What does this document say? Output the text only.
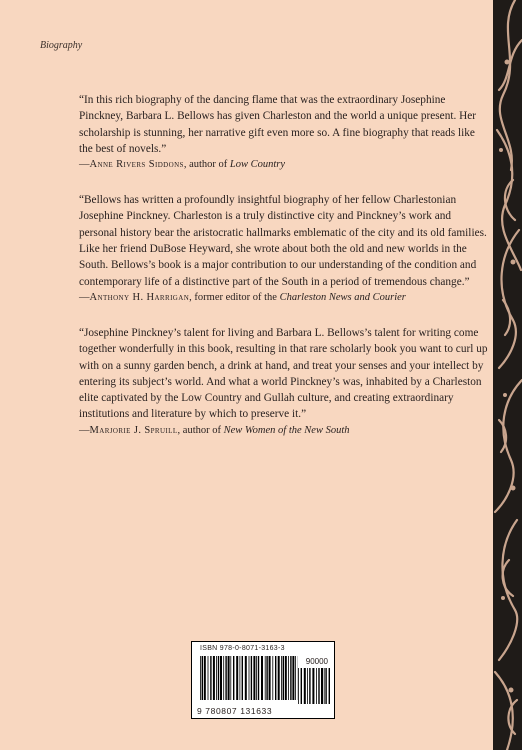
Biography

“In this rich biography of the dancing flame that was the extraordinary Josephine Pinckney, Barbara L. Bellows has given Charleston and the world a unique present. Her scholarship is stunning, her narrative gift even more so. A fine biography that reads like the best of novels.”

—Anne Rivers Siddons, author of Low Country

“Bellows has written a profoundly insightful biography of her fellow Charlestonian Josephine Pinckney. Charleston is a truly distinctive city and Pinckney’s work and personal history bear the aristocratic hallmarks emblematic of the city and its old families. Like her friend DuBose Heyward, she wrote about both the old and new worlds in the South. Bellows’s book is a major contribution to our understanding of the condition and contemporary life of a distinctive part of the South in a period of tremendous change.”

—Anthony H. Harrigan, former editor of the Charleston News and Courier

“Josephine Pinckney’s talent for living and Barbara L. Bellows’s talent for writing come together wonderfully in this book, resulting in that rare scholarly book you want to curl up with on a sunny garden bench, a drink at hand, and treat your senses and your intellect by entering its subject’s world. And what a world Pinckney’s was, inhabited by a Charleston elite captivated by the Low Country and Gullah culture, and creating extraordinary institutions and literature by which to preserve it.”

—Marjorie J. Spruill, author of New Women of the New South

ISBN 978-0-8071-3163-3
90000
9 780807 131633
